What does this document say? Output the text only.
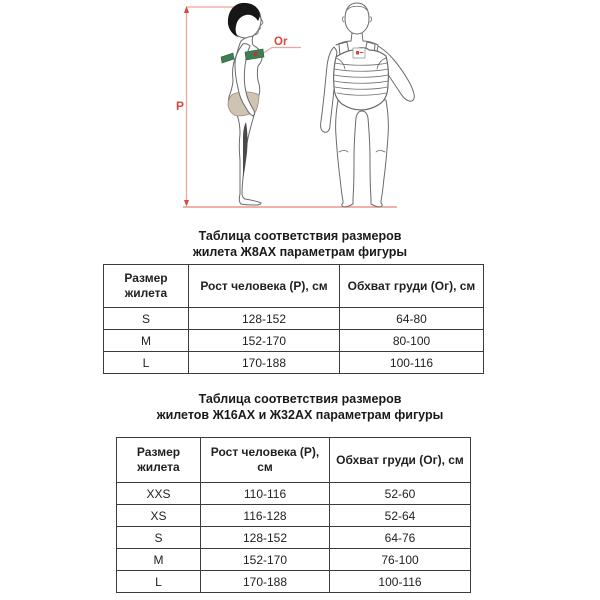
P
Or
Таблица соответствия размеров
жилета Ж8АХ параметрам фигуры
Размер жилета	Рост человека (Р), см	Обхват груди (Ог), см
S	128-152	64-80
M	152-170	80-100
L	170-188	100-116
Таблица соответствия размеров
жилетов Ж16АХ и Ж32АХ параметрам фигуры
Размер жилета	Рост человека (Р), см	Обхват груди (Ог), см
XXS	110-116	52-60
XS	116-128	52-64
S	128-152	64-76
M	152-170	76-100
L	170-188	100-116
